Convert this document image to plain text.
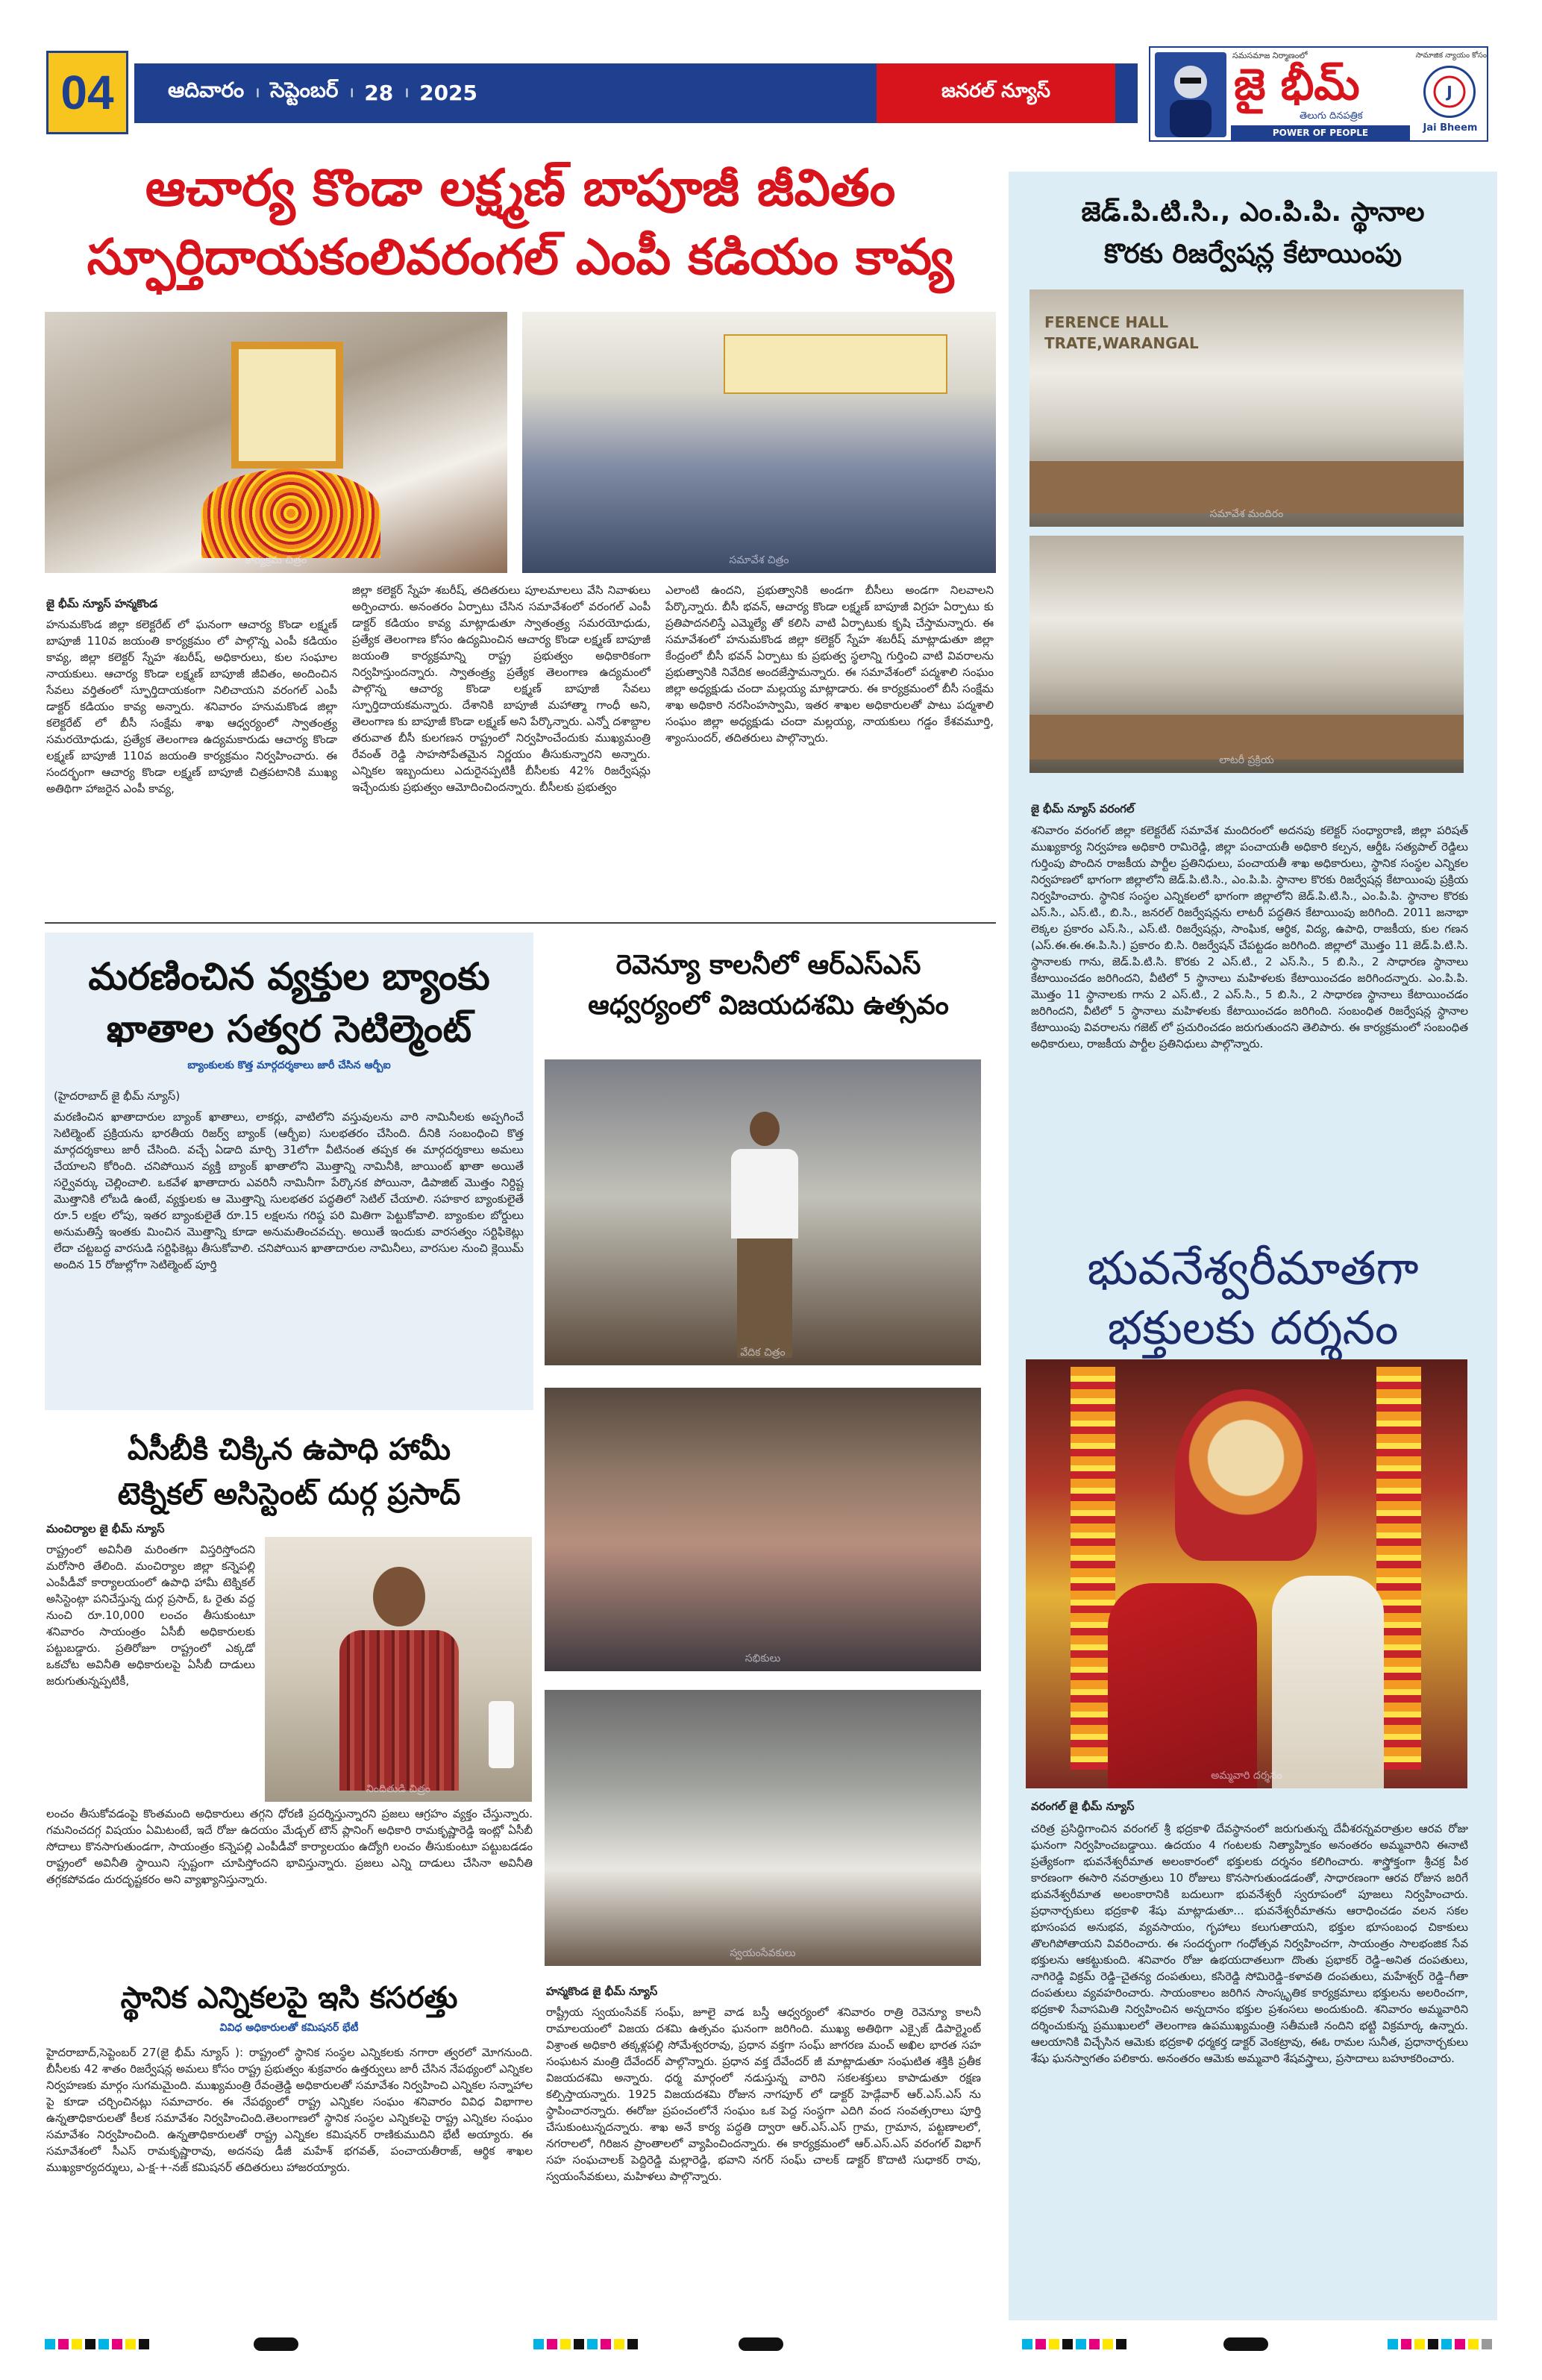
04	ఆదివారం । సెప్టెంబర్ । 28 । 2025	జనరల్ న్యూస్
సమసమాజ నిర్మాణంలో
జై భీమ్
తెలుగు దినపత్రిక
POWER OF PEOPLE
సామాజిక న్యాయం కోసం
J
Jai Bheem
ఆచార్య కొండా లక్ష్మణ్ బాపూజీ జీవితం
స్ఫూర్తిదాయకంలివరంగల్ ఎంపీ కడియం కావ్య
కార్యక్రమ చిత్రం	సమావేశ చిత్రం
జై భీమ్ న్యూస్ హన్మకొండ
హనుమకొండ జిల్లా కలెక్టరేట్ లో ఘనంగా ఆచార్య కొండా లక్ష్మణ్ బాపూజీ 110వ జయంతి కార్యక్రమం లో పాల్గొన్న ఎంపీ కడియం కావ్య, జిల్లా కలెక్టర్ స్నేహ శబరీష్, అధికారులు, కుల సంఘాల నాయకులు. ఆచార్య కొండా లక్ష్మణ్ బాపూజీ జీవితం, అందించిన సేవలు వర్తితంలో స్ఫూర్తిదాయకంగా నిలిచాయని వరంగల్ ఎంపీ డాక్టర్ కడియం కావ్య అన్నారు. శనివారం హనుమకొండ జిల్లా కలెక్టరేట్ లో బీసీ సంక్షేమ శాఖ ఆధ్వర్యంలో స్వాతంత్ర్య సమరయోధుడు, ప్రత్యేక తెలంగాణ ఉద్యమకారుడు ఆచార్య కొండా లక్ష్మణ్ బాపూజీ 110వ జయంతి కార్యక్రమం నిర్వహించారు. ఈ సందర్భంగా ఆచార్య కొండా లక్ష్మణ్ బాపూజీ చిత్రపటానికి ముఖ్య అతిథిగా హాజరైన ఎంపీ కావ్య,
జిల్లా కలెక్టర్ స్నేహ శబరీష్, తదితరులు పూలమాలలు వేసి నివాళులు అర్పించారు. అనంతరం ఏర్పాటు చేసిన సమావేశంలో వరంగల్ ఎంపీ డాక్టర్ కడియం కావ్య మాట్లాడుతూ స్వాతంత్ర్య సమరయోధుడు, ప్రత్యేక తెలంగాణ కోసం ఉద్యమించిన ఆచార్య కొండా లక్ష్మణ్ బాపూజీ జయంతి కార్యక్రమాన్ని రాష్ట్ర ప్రభుత్వం అధికారికంగా నిర్వహిస్తుందన్నారు. స్వాతంత్ర్య ప్రత్యేక తెలంగాణ ఉద్యమంలో పాల్గొన్న ఆచార్య కొండా లక్ష్మణ్ బాపూజీ సేవలు స్ఫూర్తిదాయకమన్నారు. దేశానికి బాపూజీ మహాత్మా గాంధీ అని, తెలంగాణ కు బాపూజీ కొండా లక్ష్మణ్ అని పేర్కొన్నారు. ఎన్నో దశాబ్దాల తరువాత బీసీ కులగణన రాష్ట్రంలో నిర్వహించేందుకు ముఖ్యమంత్రి రేవంత్ రెడ్డి సాహసోపేతమైన నిర్ణయం తీసుకున్నారని అన్నారు. ఎన్నికల ఇబ్బందులు ఎదురైనప్పటికీ బీసీలకు 42% రిజర్వేషన్లు ఇచ్చేందుకు ప్రభుత్వం ఆమోదించిందన్నారు. బీసీలకు ప్రభుత్వం
ఎలాంటి ఉందని, ప్రభుత్వానికి అండగా బీసీలు అండగా నిలవాలని పేర్కొన్నారు. బీసీ భవన్, ఆచార్య కొండా లక్ష్మణ్ బాపూజీ విగ్రహ ఏర్పాటు కు ప్రతిపాదనలిస్తే ఎమ్మెల్యే తో కలిసి వాటి ఏర్పాటుకు కృషి చేస్తామన్నారు. ఈ సమావేశంలో హనుమకొండ జిల్లా కలెక్టర్ స్నేహ శబరీష్ మాట్లాడుతూ జిల్లా కేంద్రంలో బీసీ భవన్ ఏర్పాటు కు ప్రభుత్వ స్థలాన్ని గుర్తించి వాటి వివరాలను ప్రభుత్వానికి నివేదిక అందజేస్తామన్నారు. ఈ సమావేశంలో పద్మశాలి సంఘం జిల్లా అధ్యక్షుడు చందా మల్లయ్య మాట్లాడారు. ఈ కార్యక్రమంలో బీసీ సంక్షేమ శాఖ అధికారి నరసింహస్వామి, ఇతర శాఖల అధికారులతో పాటు పద్మశాలి సంఘం జిల్లా అధ్యక్షుడు చందా మల్లయ్య, నాయకులు గడ్డం కేశవమూర్తి, శ్యాంసుందర్, తదితరులు పాల్గొన్నారు.
మరణించిన వ్యక్తుల బ్యాంకు
ఖాతాల సత్వర సెటిల్మెంట్
బ్యాంకులకు కొత్త మార్గదర్శకాలు జారీ చేసిన ఆర్బీఐ
(హైదరాబాద్ జై భీమ్ న్యూస్)
మరణించిన ఖాతాదారుల బ్యాంక్ ఖాతాలు, లాకర్లు, వాటిలోని వస్తువులను వారి నామినీలకు అప్పగించే సెటిల్మెంట్ ప్రక్రియను భారతీయ రిజర్వ్ బ్యాంక్ (ఆర్బీఐ) సులభతరం చేసింది. దీనికి సంబంధించి కొత్త మార్గదర్శకాలు జారీ చేసింది. వచ్చే ఏడాది మార్చి 31లోగా వీటినంత తప్పక ఈ మార్గదర్శకాలు అమలు చేయాలని కోరింది. చనిపోయిన వ్యక్తి బ్యాంక్ ఖాతాలోని మొత్తాన్ని నామినీకి, జాయింట్ ఖాతా అయితే సర్వైవర్కు చెల్లించాలి. ఒకవేళ ఖాతాదారు ఎవరినీ నామినీగా పేర్కొనక పోయినా, డిపాజిట్ మొత్తం నిర్దిష్ట మొత్తానికి లోబడి ఉంటే, వ్యక్తులకు ఆ మొత్తాన్ని సులభతర పద్ధతిలో సెటిల్ చేయాలి. సహకార బ్యాంకులైతే రూ.5 లక్షల లోపు, ఇతర బ్యాంకులైతే రూ.15 లక్షలను గరిష్ఠ పరి మితిగా పెట్టుకోవాలి. బ్యాంకుల బోర్డులు అనుమతిస్తే ఇంతకు మించిన మొత్తాన్ని కూడా అనుమతించవచ్చు. అయితే ఇందుకు వారసత్వం సర్టిఫికెట్లు లేదా చట్టబద్ధ వారసుడి సర్టిఫికెట్లు తీసుకోవాలి. చనిపోయిన ఖాతాదారుల నామినీలు, వారసుల నుంచి క్లెయిమ్ అందిన 15 రోజుల్లోగా సెటిల్మెంట్ పూర్తి
ఏసీబీకి చిక్కిన ఉపాధి హామీ
టెక్నికల్ అసిస్టెంట్ దుర్గ ప్రసాద్
మంచిర్యాల జై భీమ్ న్యూస్
రాష్ట్రంలో అవినీతి మరింతగా విస్తరిస్తోందని మరోసారి తేలింది. మంచిర్యాల జిల్లా కన్నెపల్లి ఎంపీడీవో కార్యాలయంలో ఉపాధి హామీ టెక్నికల్ అసిస్టెంట్గా పనిచేస్తున్న దుర్గ ప్రసాద్, ఓ రైతు వద్ద నుంచి రూ.10,000 లంచం తీసుకుంటూ శనివారం సాయంత్రం ఏసీబీ అధికారులకు పట్టుబడ్డారు. ప్రతిరోజూ రాష్ట్రంలో ఎక్కడో ఒకచోట అవినీతి అధికారులపై ఏసీబీ దాడులు జరుగుతున్నప్పటికీ,
నిందితుడి చిత్రం
లంచం తీసుకోవడంపై కొంతమంది అధికారులు తగ్గని ధోరణి ప్రదర్శిస్తున్నారని ప్రజలు ఆగ్రహం వ్యక్తం చేస్తున్నారు. గమనించదగ్గ విషయం ఏమిటంటే, ఇదే రోజు ఉదయం మేడ్చల్ టౌన్ ప్లానింగ్ అధికారి రామకృష్ణారెడ్డి ఇంట్లో ఏసీబీ సోదాలు కొనసాగుతుండగా, సాయంత్రం కన్నెపల్లి ఎంపీడీవో కార్యాలయం ఉద్యోగి లంచం తీసుకుంటూ పట్టుబడడం రాష్ట్రంలో అవినీతి స్థాయిని స్పష్టంగా చూపిస్తోందని భావిస్తున్నారు. ప్రజలు ఎన్ని దాడులు చేసినా అవినీతి తగ్గకపోవడం దురదృష్టకరం అని వ్యాఖ్యానిస్తున్నారు.
స్థానిక ఎన్నికలపై ఇసి కసరత్తు
వివిధ అధికారులతో కమిషనర్ భేటీ
హైదరాబాద్,సెప్టెంబర్ 27(జై భీమ్ న్యూస్ ): రాష్ట్రంలో స్థానిక సంస్థల ఎన్నికలకు నగారా త్వరలో మోగనుంది. బీసీలకు 42 శాతం రిజర్వేషన్ల అమలు కోసం రాష్ట్ర ప్రభుత్వం శుక్రవారం ఉత్తర్వులు జారీ చేసిన నేపథ్యంలో ఎన్నికల నిర్వహణకు మార్గం సుగమమైంది. ముఖ్యమంత్రి రేవంత్రెడ్డి అధికారులతో సమావేశం నిర్వహించి ఎన్నికల సన్నాహాల పై కూడా చర్చించినట్లు సమాచారం. ఈ నేపథ్యంలో రాష్ట్ర ఎన్నికల సంఘం శనివారం వివిధ విభాగాల ఉన్నతాధికారులతో కీలక సమావేశం నిర్వహించింది.తెలంగాణలో స్థానిక సంస్థల ఎన్నికలపై రాష్ట్ర ఎన్నికల సంఘం సమావేశం నిర్వహించింది. ఉన్నతాధికారులతో రాష్ట్ర ఎన్నికల కమిషనర్ రాణికుముదిని భేటీ అయ్యారు. ఈ సమావేశంలో సీఎస్ రామకృష్ణారావు, అదనపు డీజీ మహేశ్ భగవత్, పంచాయతీరాజ్, ఆర్థిక శాఖల ముఖ్యకార్యదర్శులు, ఎ-క్ష-+-నజ్ కమిషనర్ తదితరులు హాజరయ్యారు.
రెవెన్యూ కాలనీలో ఆర్ఎస్ఎస్
ఆధ్వర్యంలో విజయదశమి ఉత్సవం
వేదిక చిత్రం
సభికులు
స్వయంసేవకులు
హన్మకొండ జై భీమ్ న్యూస్
రాష్ట్రీయ స్వయంసేవక్ సంఘ్, జూలై వాడ బస్తీ ఆధ్వర్యంలో శనివారం రాత్రి రెవెన్యూ కాలనీ రామాలయంలో విజయ దశమి ఉత్సవం ఘనంగా జరిగింది. ముఖ్య అతిథిగా ఎక్సైజ్ డిపార్ట్మెంట్ విశ్రాంత అధికారి తక్కళ్లపల్లి సోమేశ్వరరావు, ప్రధాన వక్తగా సంఘ్ జాగరణ మంచ్ అఖిల భారత సహ సంఘటన మంత్రి దేవేందర్ పాల్గొన్నారు. ప్రధాన వక్త దేవేందర్ జీ మాట్లాడుతూ సంఘటిత శక్తికి ప్రతీక విజయదశమి అన్నారు. ధర్మ మార్గంలో నడుస్తున్న వారిని సకలశక్తులు కాపాడుతూ రక్షణ కల్పిస్తాయన్నారు. 1925 విజయదశమి రోజున నాగపూర్ లో డాక్టర్ హెడ్గేవార్ ఆర్.ఎస్.ఎస్ ను స్థాపించారన్నారు. ఈరోజు ప్రపంచంలోనే సంఘం ఒక పెద్ద సంస్థగా ఎదిగి వంద సంవత్సరాలు పూర్తి చేసుకుంటున్నదన్నారు. శాఖ అనే కార్య పద్ధతి ద్వారా ఆర్.ఎస్.ఎస్ గ్రామ, గ్రామాన, పట్టణాలలో, నగరాలలో, గిరిజన ప్రాంతాలలో వ్యాపించిందన్నారు. ఈ కార్యక్రమంలో ఆర్.ఎస్.ఎస్ వరంగల్ విభాగ్ సహ సంఘచాలక్ పెద్దిరెడ్డి మల్లారెడ్డి, భవాని నగర్ సంఘ్ చాలక్ డాక్టర్ కొదాటి సుధాకర్ రావు, స్వయంసేవకులు, మహిళలు పాల్గొన్నారు.
జెడ్.పి.టి.సి., ఎం.పి.పి. స్థానాల
కొరకు రిజర్వేషన్ల కేటాయింపు
FERENCE HALL TRATE,WARANGAL
సమావేశ మందిరం
లాటరీ ప్రక్రియ
జై భీమ్ న్యూస్ వరంగల్
శనివారం వరంగల్ జిల్లా కలెక్టరేట్ సమావేశ మందిరంలో అదనపు కలెక్టర్ సంధ్యారాణి, జిల్లా పరిషత్ ముఖ్యకార్య నిర్వహణ అధికారి రామిరెడ్డి, జిల్లా పంచాయతీ అధికారి కల్పన, ఆర్డీఓ సత్యపాల్ రెడ్డిలు గుర్తింపు పొందిన రాజకీయ పార్టీల ప్రతినిధులు, పంచాయతీ శాఖ అధికారులు, స్థానిక సంస్థల ఎన్నికల నిర్వహణలో భాగంగా జిల్లాలోని జెడ్.పి.టి.సి., ఎం.పి.పి. స్థానాల కొరకు రిజర్వేషన్ల కేటాయింపు ప్రక్రియ నిర్వహించారు. స్థానిక సంస్థల ఎన్నికలలో భాగంగా జిల్లాలోని జెడ్.పి.టి.సి., ఎం.పి.పి. స్థానాల కొరకు ఎస్.సి., ఎస్.టి., బి.సి., జనరల్ రిజర్వేషన్లను లాటరీ పద్ధతిన కేటాయింపు జరిగింది. 2011 జనాభా లెక్కల ప్రకారం ఎస్.సి., ఎస్.టి. రిజర్వేషన్లు, సాంఘిక, ఆర్థిక, విద్య, ఉపాధి, రాజకీయ, కుల గణన (ఎస్.ఈ.ఈ.ఈ.పి.సి.) ప్రకారం బి.సి. రిజర్వేషన్ చేపట్టడం జరిగింది. జిల్లాలో మొత్తం 11 జెడ్.పి.టి.సి. స్థానాలకు గాను, జెడ్.పి.టి.సి. కొరకు 2 ఎస్.టి., 2 ఎస్.సి., 5 బి.సి., 2 సాధారణ స్థానాలు కేటాయించడం జరిగిందని, వీటిలో 5 స్థానాలు మహిళలకు కేటాయించడం జరిగిందన్నారు. ఎం.పి.పి. మొత్తం 11 స్థానాలకు గాను 2 ఎస్.టి., 2 ఎస్.సి., 5 బి.సి., 2 సాధారణ స్థానాలు కేటాయించడం జరిగిందని, వీటిలో 5 స్థానాలు మహిళలకు కేటాయించడం జరిగింది. సంబంధిత రిజర్వేషన్ల స్థానాల కేటాయింపు వివరాలను గజెట్ లో ప్రచురించడం జరుగుతుందని తెలిపారు. ఈ కార్యక్రమంలో సంబంధిత అధికారులు, రాజకీయ పార్టీల ప్రతినిధులు పాల్గొన్నారు.
భువనేశ్వరీమాతగా
భక్తులకు దర్శనం
అమ్మవారి దర్శనం
వరంగల్ జై భీమ్ న్యూస్
చరిత్ర ప్రసిద్ధిగాంచిన వరంగల్ శ్రీ భద్రకాళి దేవస్థానంలో జరుగుతున్న దేవీశరన్నవరాత్రుల ఆరవ రోజు ఘనంగా నిర్వహించబడ్డాయి. ఉదయం 4 గంటలకు నిత్యాహ్నికం అనంతరం అమ్మవారిని ఈనాటి ప్రత్యేకంగా భువనేశ్వరీమాత అలంకారంలో భక్తులకు దర్శనం కలిగించారు. శాస్త్రోక్తంగా శ్రీచక్ర పీఠ కారణంగా ఈసారి నవరాత్రులు 10 రోజులు కొనసాగుతుండడంతో, సాధారణంగా ఆరవ రోజున జరిగే భువనేశ్వరీమాత అలంకారానికి బదులుగా భువనేశ్వరీ స్వరూపంలో పూజలు నిర్వహించారు. ప్రధానార్చకులు భద్రకాళి శేషు మాట్లాడుతూ... భువనేశ్వరీమాతను ఆరాధించడం వలన సకల భూసంపద అనుభవ, వ్యవసాయం, గృహాలు కలుగుతాయని, భక్తుల భూసంబంధ చికాకులు తొలగిపోతాయని వివరించారు. ఈ సందర్భంగా గంధోత్సవ నిర్వహించగా, సాయంత్రం సాలభంజిక సేవ భక్తులను ఆకట్టుకుంది. శనివారం రోజు ఉభయదాతలుగా దొంతు ప్రభాకర్ రెడ్డి–అనిత దంపతులు, నాగిరెడ్డి విక్రమ్ రెడ్డి–చైతన్య దంపతులు, కసిరెడ్డి సోమిరెడ్డి–కళావతి దంపతులు, మహేశ్వర్ రెడ్డి–గీతా దంపతులు వ్యవహరించారు. సాయంకాలం జరిగిన సాంస్కృతిక కార్యక్రమాలు భక్తులను అలరించగా, భద్రకాళి సేవాసమితి నిర్వహించిన అన్నదానం భక్తుల ప్రశంసలు అందుకుంది. శనివారం అమ్మవారిని దర్శించుకున్న ప్రముఖులలో తెలంగాణ ఉపముఖ్యమంత్రి సతీమణి నందిని భట్టి విక్రమార్క ఉన్నారు. ఆలయానికి విచ్చేసిన ఆమెకు భద్రకాళి ధర్మకర్త డాక్టర్ వెంకట్రావు, ఈఓ రామల సునీత, ప్రధానార్చకులు శేషు ఘనస్వాగతం పలికారు. అనంతరం ఆమెకు అమ్మవారి శేషవస్త్రాలు, ప్రసాదాలు బహూకరించారు.
